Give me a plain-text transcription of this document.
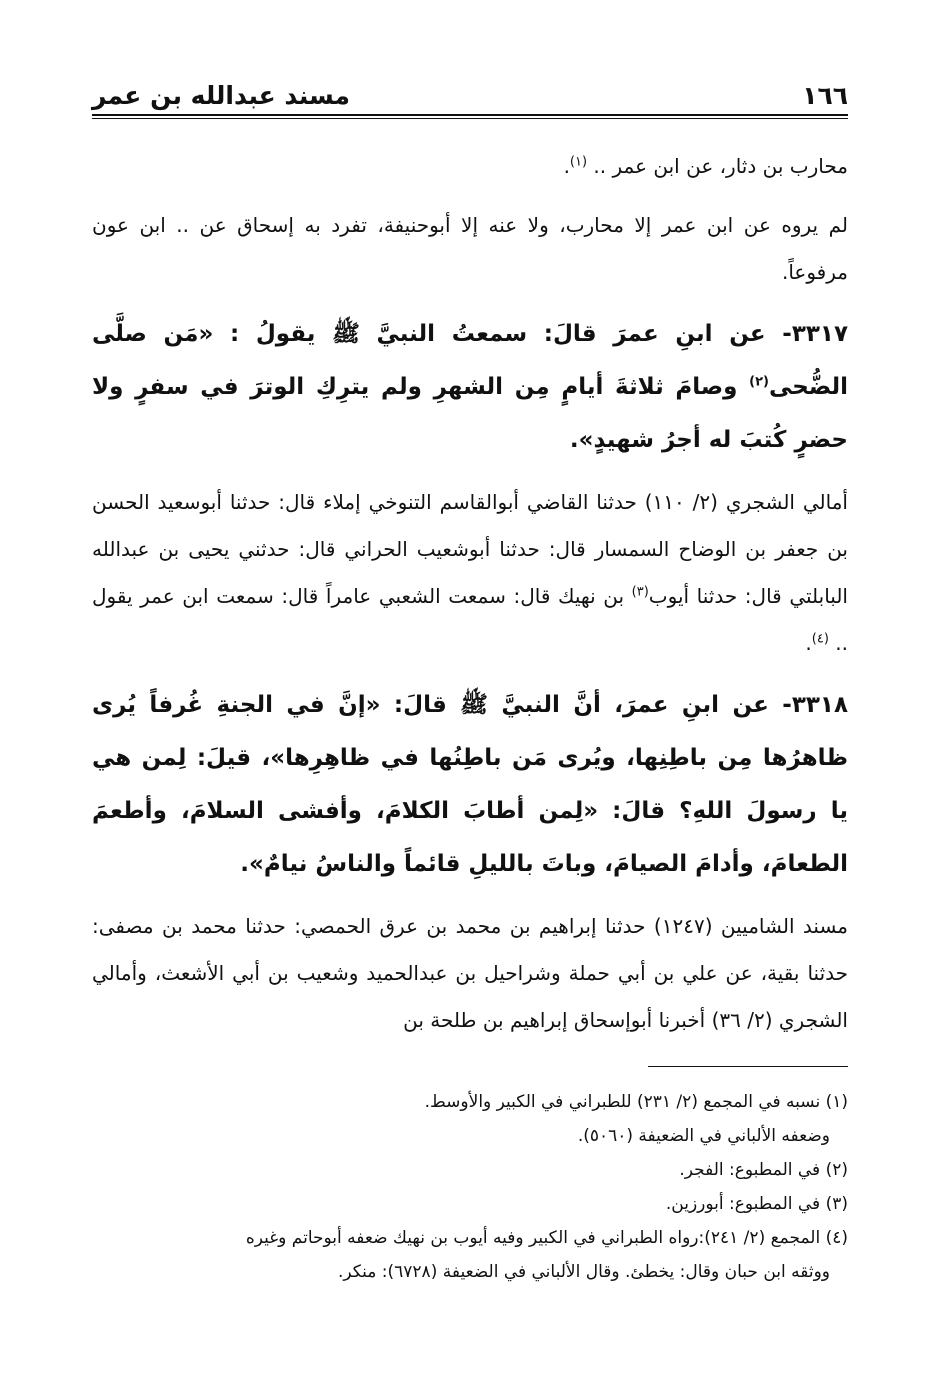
١٦٦
مسند عبدالله بن عمر

محارب بن دثار، عن ابن عمر .. $^{(١)}$.

لم يروه عن ابن عمر إلا محارب، ولا عنه إلا أبوحنيفة، تفرد به إسحاق عن .. ابن عون مرفوعاً.

٣٣١٧- عن ابنِ عمرَ قالَ: سمعتُ النبيَّ ﷺ يقولُ : «مَن صلَّى الضُّحى$^{(٢)}$ وصامَ ثلاثةَ أيامٍ مِن الشهرِ ولم يترِكِ الوترَ في سفرٍ ولا حضرٍ كُتبَ له أجرُ شهيدٍ».

أمالي الشجري (٢/ ١١٠) حدثنا القاضي أبوالقاسم التنوخي إملاء قال: حدثنا أبوسعيد الحسن بن جعفر بن الوضاح السمسار قال: حدثنا أبوشعيب الحراني قال: حدثني يحيى بن عبدالله البابلتي قال: حدثنا أيوب$^{(٣)}$ بن نهيك قال: سمعت الشعبي عامراً قال: سمعت ابن عمر يقول .. $^{(٤)}$.

٣٣١٨- عن ابنِ عمرَ، أنَّ النبيَّ ﷺ قالَ: «إنَّ في الجنةِ غُرفاً يُرى ظاهرُها مِن باطِنِها، ويُرى مَن باطِنُها في ظاهِرِها»، قيلَ: لِمن هي يا رسولَ اللهِ؟ قالَ: «لِمن أطابَ الكلامَ، وأفشى السلامَ، وأطعمَ الطعامَ، وأدامَ الصيامَ، وباتَ بالليلِ قائماً والناسُ نيامٌ».

مسند الشاميين (١٢٤٧) حدثنا إبراهيم بن محمد بن عرق الحمصي: حدثنا محمد بن مصفى: حدثنا بقية، عن علي بن أبي حملة وشراحيل بن عبدالحميد وشعيب بن أبي الأشعث، وأمالي الشجري (٢/ ٣٦) أخبرنا أبوإسحاق إبراهيم بن طلحة بن

(١) نسبه في المجمع (٢/ ٢٣١) للطبراني في الكبير والأوسط.

وضعفه الألباني في الضعيفة (٥٠٦٠).

(٢) في المطبوع: الفجر.

(٣) في المطبوع: أبورزين.

(٤) المجمع (٢/ ٢٤١):رواه الطبراني في الكبير وفيه أيوب بن نهيك ضعفه أبوحاتم وغيره

ووثقه ابن حبان وقال: يخطئ. وقال الألباني في الضعيفة (٦٧٢٨): منكر.
